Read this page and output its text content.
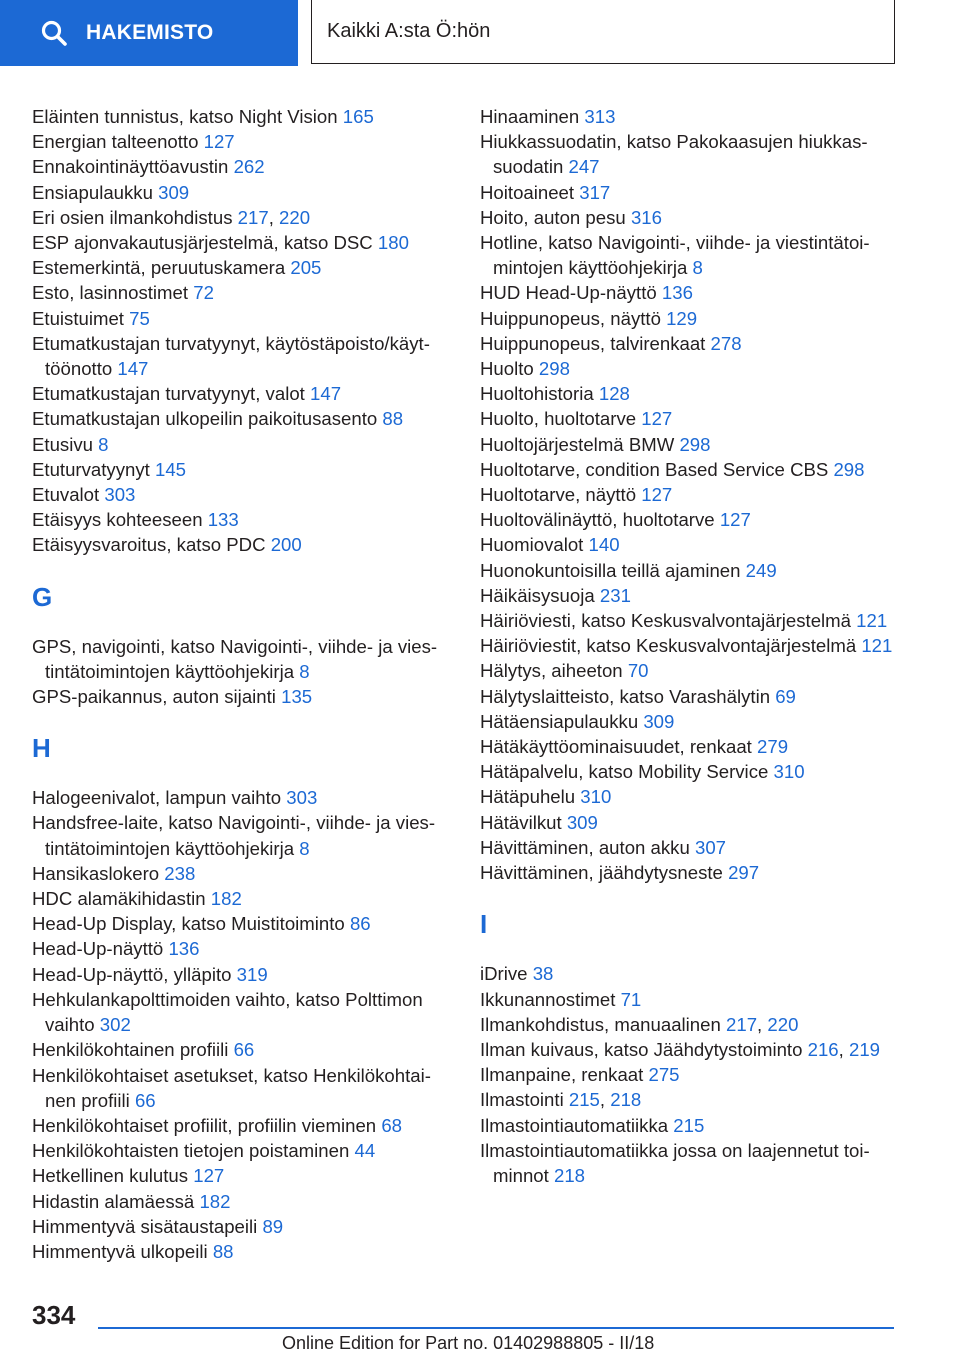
HAKEMISTO	Kaikki A:sta Ö:hön
Eläinten tunnistus, katso Night Vision 165
Energian talteenotto 127
Ennakointinäyttöavustin 262
Ensiapulaukku 309
Eri osien ilmankohdistus 217, 220
ESP ajonvakautusjärjestelmä, katso DSC 180
Estemerkintä, peruutuskamera 205
Esto, lasinnostimet 72
Etuistuimet 75
Etumatkustajan turvatyynyt, käytöstäpoisto/käyttöönotto 147
Etumatkustajan turvatyynyt, valot 147
Etumatkustajan ulkopeilin paikoitusasento 88
Etusivu 8
Etuturvatyynyt 145
Etuvalot 303
Etäisyys kohteeseen 133
Etäisyysvaroitus, katso PDC 200
G
GPS, navigointi, katso Navigointi-, viihde- ja viestintätoimintojen käyttöohjekirja 8
GPS-paikannus, auton sijainti 135
H
Halogeenivalot, lampun vaihto 303
Handsfree-laite, katso Navigointi-, viihde- ja viestintätoimintojen käyttöohjekirja 8
Hansikaslokero 238
HDC alamäkihidastin 182
Head-Up Display, katso Muistitoiminto 86
Head-Up-näyttö 136
Head-Up-näyttö, ylläpito 319
Hehkulankapolttimoiden vaihto, katso Polttimon vaihto 302
Henkilökohtainen profiili 66
Henkilökohtaiset asetukset, katso Henkilökohtainen profiili 66
Henkilökohtaiset profiilit, profiilin vieminen 68
Henkilökohtaisten tietojen poistaminen 44
Hetkellinen kulutus 127
Hidastin alamäessä 182
Himmentyvä sisätaustapeili 89
Himmentyvä ulkopeili 88
Hinaaminen 313
Hiukkassuodatin, katso Pakokaasujen hiukkassuodatin 247
Hoitoaineet 317
Hoito, auton pesu 316
Hotline, katso Navigointi-, viihde- ja viestintätoimintojen käyttöohjekirja 8
HUD Head-Up-näyttö 136
Huippunopeus, näyttö 129
Huippunopeus, talvirenkaat 278
Huolto 298
Huoltohistoria 128
Huolto, huoltotarve 127
Huoltojärjestelmä BMW 298
Huoltotarve, condition Based Service CBS 298
Huoltotarve, näyttö 127
Huoltovälinäyttö, huoltotarve 127
Huomiovalot 140
Huonokuntoisilla teillä ajaminen 249
Häikäisysuoja 231
Häiriöviesti, katso Keskusvalvontajärjestelmä 121
Häiriöviestit, katso Keskusvalvontajärjestelmä 121
Hälytys, aiheeton 70
Hälytyslaitteisto, katso Varashälytin 69
Hätäensiapulaukku 309
Hätäkäyttöominaisuudet, renkaat 279
Hätäpalvelu, katso Mobility Service 310
Hätäpuhelu 310
Hätävilkut 309
Hävittäminen, auton akku 307
Hävittäminen, jäähdytysneste 297
I
iDrive 38
Ikkunannostimet 71
Ilmankohdistus, manuaalinen 217, 220
Ilman kuivaus, katso Jäähdytystoiminto 216, 219
Ilmanpaine, renkaat 275
Ilmastointi 215, 218
Ilmastointiautomatiikka 215
Ilmastointiautomatiikka jossa on laajennetut toiminnot 218
334
Online Edition for Part no. 01402988805 - II/18
